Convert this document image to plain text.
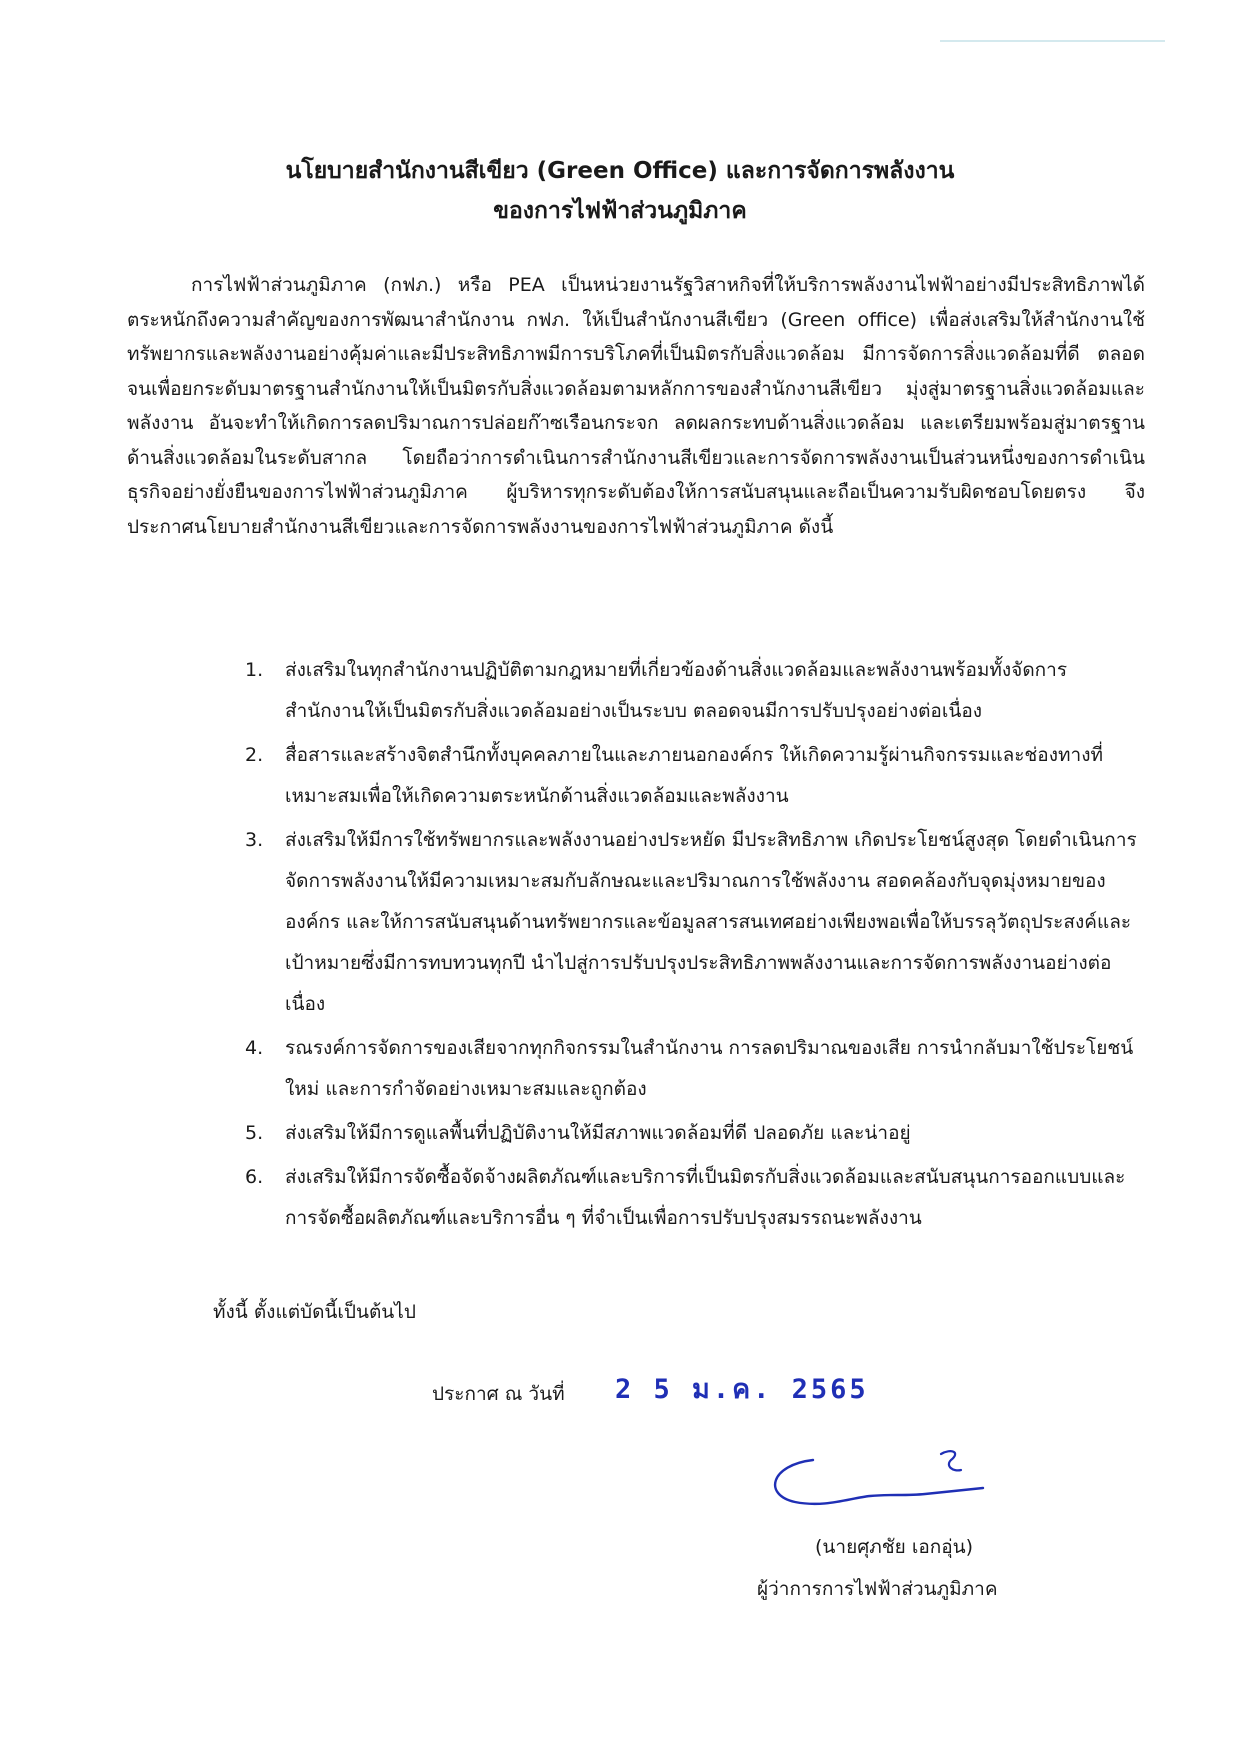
นโยบายสำนักงานสีเขียว (Green Office) และการจัดการพลังงาน
ของการไฟฟ้าส่วนภูมิภาค

การไฟฟ้าส่วนภูมิภาค (กฟภ.) หรือ PEA เป็นหน่วยงานรัฐวิสาหกิจที่ให้บริการพลังงานไฟฟ้าอย่างมีประสิทธิภาพได้ตระหนักถึงความสำคัญของการพัฒนาสำนักงาน กฟภ. ให้เป็นสำนักงานสีเขียว (Green office) เพื่อส่งเสริมให้สำนักงานใช้ทรัพยากรและพลังงานอย่างคุ้มค่าและมีประสิทธิภาพมีการบริโภคที่เป็นมิตรกับสิ่งแวดล้อม มีการจัดการสิ่งแวดล้อมที่ดี ตลอดจนเพื่อยกระดับมาตรฐานสำนักงานให้เป็นมิตรกับสิ่งแวดล้อมตามหลักการของสำนักงานสีเขียว มุ่งสู่มาตรฐานสิ่งแวดล้อมและพลังงาน อันจะทำให้เกิดการลดปริมาณการปล่อยก๊าซเรือนกระจก ลดผลกระทบด้านสิ่งแวดล้อม และเตรียมพร้อมสู่มาตรฐานด้านสิ่งแวดล้อมในระดับสากล โดยถือว่าการดำเนินการสำนักงานสีเขียวและการจัดการพลังงานเป็นส่วนหนึ่งของการดำเนินธุรกิจอย่างยั่งยืนของการไฟฟ้าส่วนภูมิภาค ผู้บริหารทุกระดับต้องให้การสนับสนุนและถือเป็นความรับผิดชอบโดยตรง จึงประกาศนโยบายสำนักงานสีเขียวและการจัดการพลังงานของการไฟฟ้าส่วนภูมิภาค ดังนี้

1. ส่งเสริมในทุกสำนักงานปฏิบัติตามกฎหมายที่เกี่ยวข้องด้านสิ่งแวดล้อมและพลังงานพร้อมทั้งจัดการสำนักงานให้เป็นมิตรกับสิ่งแวดล้อมอย่างเป็นระบบ ตลอดจนมีการปรับปรุงอย่างต่อเนื่อง
2. สื่อสารและสร้างจิตสำนึกทั้งบุคคลภายในและภายนอกองค์กร ให้เกิดความรู้ผ่านกิจกรรมและช่องทางที่เหมาะสมเพื่อให้เกิดความตระหนักด้านสิ่งแวดล้อมและพลังงาน
3. ส่งเสริมให้มีการใช้ทรัพยากรและพลังงานอย่างประหยัด มีประสิทธิภาพ เกิดประโยชน์สูงสุด โดยดำเนินการจัดการพลังงานให้มีความเหมาะสมกับลักษณะและปริมาณการใช้พลังงาน สอดคล้องกับจุดมุ่งหมายขององค์กร และให้การสนับสนุนด้านทรัพยากรและข้อมูลสารสนเทศอย่างเพียงพอเพื่อให้บรรลุวัตถุประสงค์และเป้าหมายซึ่งมีการทบทวนทุกปี นำไปสู่การปรับปรุงประสิทธิภาพพลังงานและการจัดการพลังงานอย่างต่อเนื่อง
4. รณรงค์การจัดการของเสียจากทุกกิจกรรมในสำนักงาน การลดปริมาณของเสีย การนำกลับมาใช้ประโยชน์ใหม่ และการกำจัดอย่างเหมาะสมและถูกต้อง
5. ส่งเสริมให้มีการดูแลพื้นที่ปฏิบัติงานให้มีสภาพแวดล้อมที่ดี ปลอดภัย และน่าอยู่
6. ส่งเสริมให้มีการจัดซื้อจัดจ้างผลิตภัณฑ์และบริการที่เป็นมิตรกับสิ่งแวดล้อมและสนับสนุนการออกแบบและการจัดซื้อผลิตภัณฑ์และบริการอื่น ๆ ที่จำเป็นเพื่อการปรับปรุงสมรรถนะพลังงาน

ทั้งนี้ ตั้งแต่บัดนี้เป็นต้นไป

ประกาศ ณ วันที่ 2 5 ม.ค. 2565
(นายศุภชัย เอกอุ่น)
ผู้ว่าการการไฟฟ้าส่วนภูมิภาค
